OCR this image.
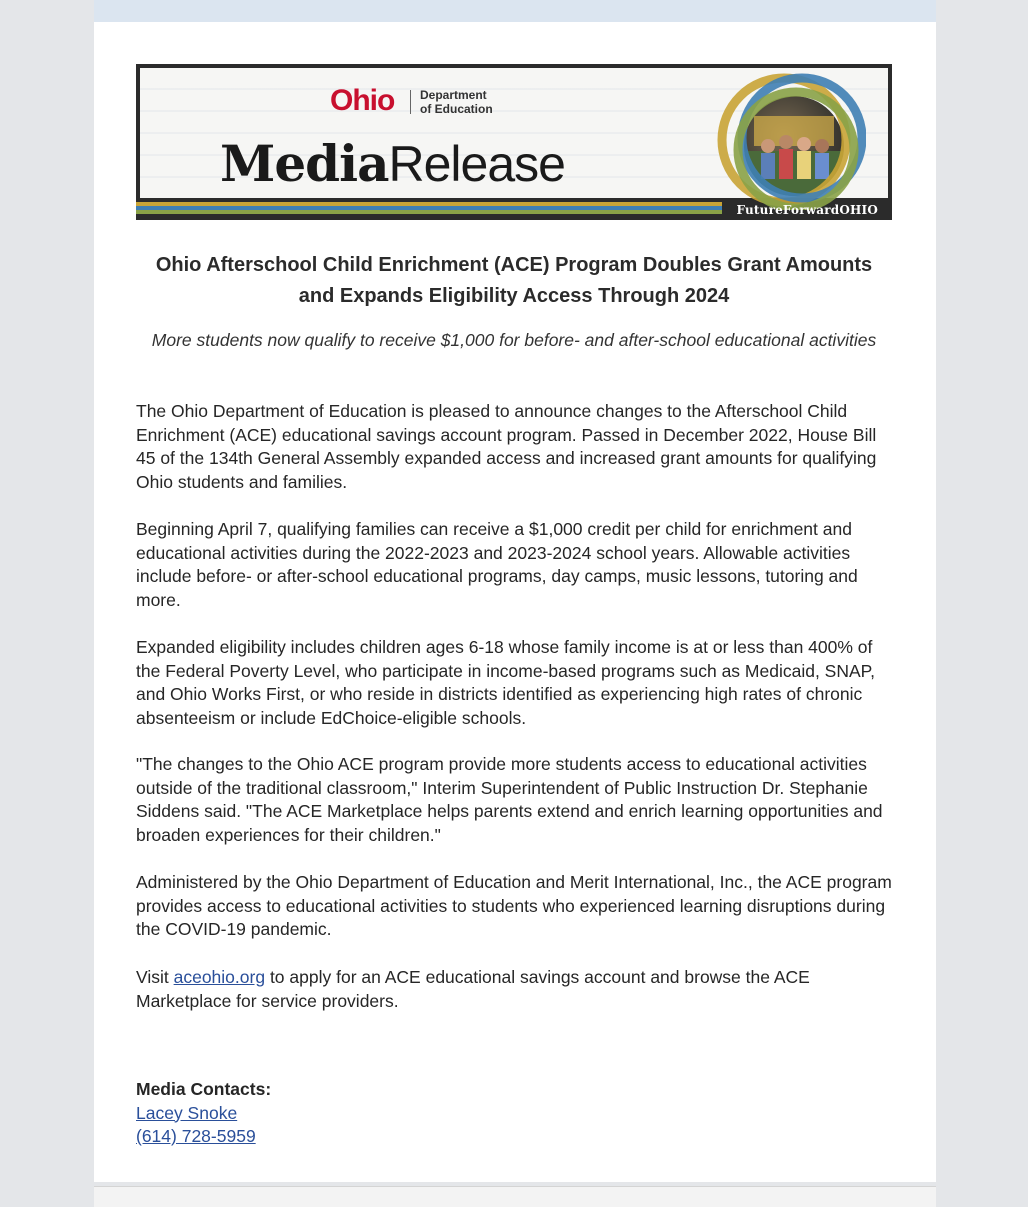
Ohio Department
of Education
MediaRelease
FutureForwardOHIO
Ohio Afterschool Child Enrichment (ACE) Program Doubles Grant Amounts and Expands Eligibility Access Through 2024
More students now qualify to receive $1,000 for before- and after-school educational activities

The Ohio Department of Education is pleased to announce changes to the Afterschool Child Enrichment (ACE) educational savings account program. Passed in December 2022, House Bill 45 of the 134th General Assembly expanded access and increased grant amounts for qualifying Ohio students and families.

Beginning April 7, qualifying families can receive a $1,000 credit per child for enrichment and educational activities during the 2022-2023 and 2023-2024 school years. Allowable activities include before- or after-school educational programs, day camps, music lessons, tutoring and more.

Expanded eligibility includes children ages 6-18 whose family income is at or less than 400% of the Federal Poverty Level, who participate in income-based programs such as Medicaid, SNAP, and Ohio Works First, or who reside in districts identified as experiencing high rates of chronic absenteeism or include EdChoice-eligible schools.

"The changes to the Ohio ACE program provide more students access to educational activities outside of the traditional classroom," Interim Superintendent of Public Instruction Dr. Stephanie Siddens said. "The ACE Marketplace helps parents extend and enrich learning opportunities and broaden experiences for their children."

Administered by the Ohio Department of Education and Merit International, Inc., the ACE program provides access to educational activities to students who experienced learning disruptions during the COVID-19 pandemic.

Visit aceohio.org to apply for an ACE educational savings account and browse the ACE Marketplace for service providers.

Media Contacts:
Lacey Snoke
(614) 728-5959
